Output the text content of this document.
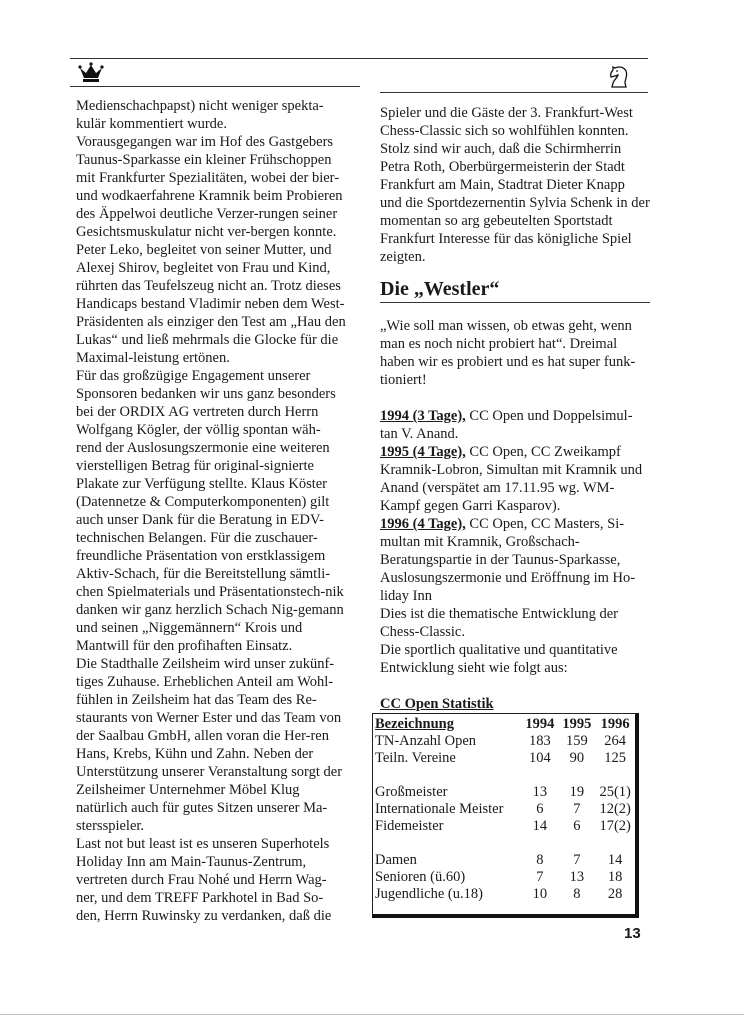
Medienschachpapst) nicht weniger spekta-kulär kommentiert wurde.

Vorausgegangen war im Hof des Gastgebers Taunus-Sparkasse ein kleiner Frühschoppen mit Frankfurter Spezialitäten, wobei der bier- und wodkaerfahrene Kramnik beim Probieren des Äppelwoi deutliche Verzer-rungen seiner Gesichtsmuskulatur nicht ver-bergen konnte. Peter Leko, begleitet von seiner Mutter, und Alexej Shirov, begleitet von Frau und Kind, rührten das Teufelszeug nicht an. Trotz dieses Handicaps bestand Vladimir neben dem West-Präsidenten als einziger den Test am „Hau den Lukas“ und ließ mehrmals die Glocke für die Maximal-leistung ertönen.

Für das großzügige Engagement unserer Sponsoren bedanken wir uns ganz besonders bei der ORDIX AG vertreten durch Herrn Wolfgang Kögler, der völlig spontan wäh-rend der Auslosungszermonie eine weiteren vierstelligen Betrag für original-signierte Plakate zur Verfügung stellte. Klaus Köster (Datennetze & Computerkomponenten) gilt auch unser Dank für die Beratung in EDV-technischen Belangen. Für die zuschauer-freundliche Präsentation von erstklassigem Aktiv-Schach, für die Bereitstellung sämtli-chen Spielmaterials und Präsentationstech-nik danken wir ganz herzlich Schach Nig-gemann und seinen „Niggemännern“ Krois und Mantwill für den profihaften Einsatz.

Die Stadthalle Zeilsheim wird unser zukünf-tiges Zuhause. Erheblichen Anteil am Wohl-fühlen in Zeilsheim hat das Team des Re-staurants von Werner Ester und das Team von der Saalbau GmbH, allen voran die Her-ren Hans, Krebs, Kühn und Zahn. Neben der Unterstützung unserer Veranstaltung sorgt der Zeilsheimer Unternehmer Möbel Klug natürlich auch für gutes Sitzen unserer Ma-stersspieler.

Last not but least ist es unseren Superhotels Holiday Inn am Main-Taunus-Zentrum, vertreten durch Frau Nohé und Herrn Wag-ner, und dem TREFF Parkhotel in Bad So-den, Herrn Ruwinsky zu verdanken, daß die

Spieler und die Gäste der 3. Frankfurt-West Chess-Classic sich so wohlfühlen konnten. Stolz sind wir auch, daß die Schirmherrin Petra Roth, Oberbürgermeisterin der Stadt Frankfurt am Main, Stadtrat Dieter Knapp und die Sportdezernentin Sylvia Schenk in der momentan so arg gebeutelten Sportstadt Frankfurt Interesse für das königliche Spiel zeigten.

Die „Westler“

„Wie soll man wissen, ob etwas geht, wenn man es noch nicht probiert hat“. Dreimal haben wir es probiert und es hat super funk-tioniert!

1994 (3 Tage), CC Open und Doppelsimul-tan V. Anand.

1995 (4 Tage), CC Open, CC Zweikampf Kramnik-Lobron, Simultan mit Kramnik und Anand (verspätet am 17.11.95 wg. WM-Kampf gegen Garri Kasparov).

1996 (4 Tage), CC Open, CC Masters, Si-multan mit Kramnik, Großschach-Beratungspartie in der Taunus-Sparkasse, Auslosungszermonie und Eröffnung im Ho-liday Inn

Dies ist die thematische Entwicklung der Chess-Classic.

Die sportlich qualitative und quantitative Entwicklung sieht wie folgt aus:

CC Open Statistik
Bezeichnung	1994	1995	1996
TN-Anzahl Open	183	159	264
Teiln. Vereine	104	90	125

Großmeister	13	19	25(1)
Internationale Meister	6	7	12(2)
Fidemeister	14	6	17(2)

Damen	8	7	14
Senioren (ü.60)	7	13	18
Jugendliche (u.18)	10	8	28
13
